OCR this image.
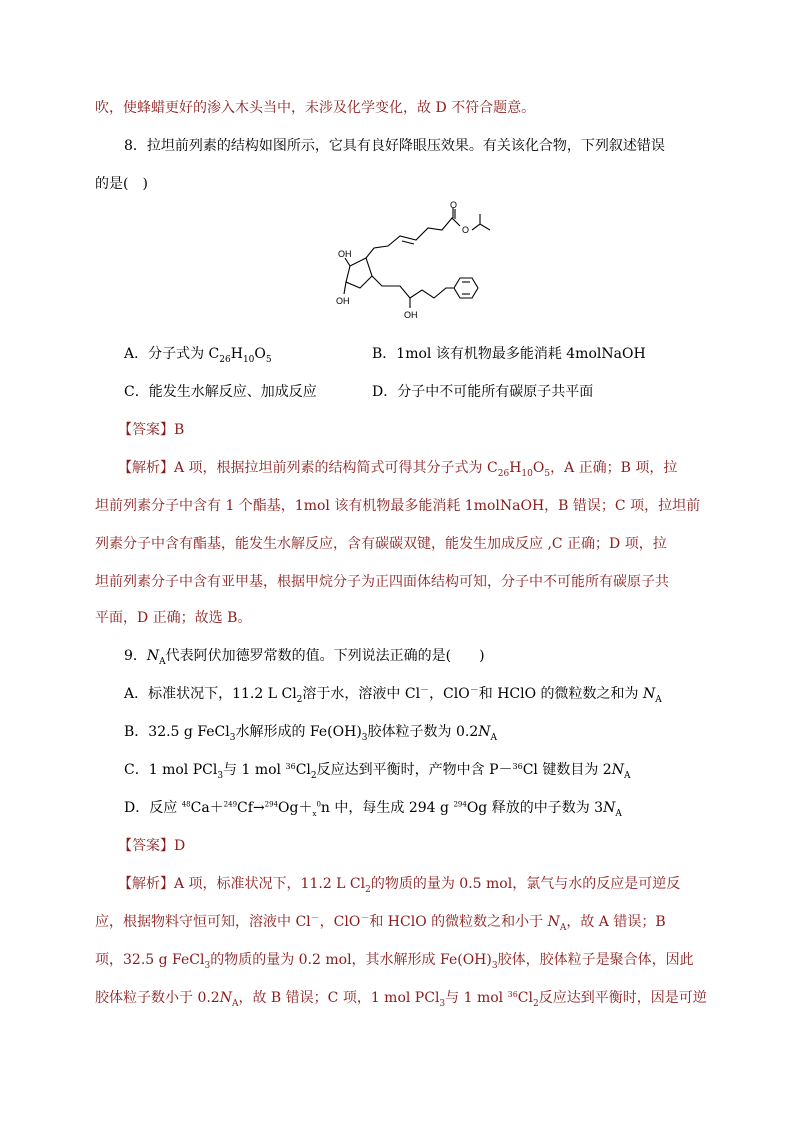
吹，使蜂蜡更好的渗入木头当中，未涉及化学变化，故 D 不符合题意。
8．拉坦前列素的结构如图所示，它具有良好降眼压效果。有关该化合物，下列叙述错误
的是(　)
OH
OH
OH
O
O
A．分子式为 $C_{26}H_{10}O_5$	B．1mol 该有机物最多能消耗 4molNaOH
C．能发生水解反应、加成反应	D．分子中不可能所有碳原子共平面
【答案】B
【解析】A 项，根据拉坦前列素的结构简式可得其分子式为 $C_{26}H_{10}O_5$，A 正确；B 项，拉
坦前列素分子中含有 1 个酯基，1mol 该有机物最多能消耗 1molNaOH，B 错误；C 项，拉坦前
列素分子中含有酯基，能发生水解反应，含有碳碳双键，能发生加成反应 ,C 正确；D 项，拉
坦前列素分子中含有亚甲基，根据甲烷分子为正四面体结构可知，分子中不可能所有碳原子共
平面，D 正确；故选 B。
9．$N_A$代表阿伏加德罗常数的值。下列说法正确的是(　　)
A．标准状况下，11.2 L $Cl_2$溶于水，溶液中 Cl－，ClO－和 HClO 的微粒数之和为 $N_A$
B．32.5 g FeCl$_3$水解形成的 $Fe(OH)_3$胶体粒子数为 $0.2N_A$
C．1 mol PCl$_3$与 1 mol $^{36}Cl_2$反应达到平衡时，产物中含 P－$^{36}$Cl 键数目为 $2N_A$
D．反应 $^{48}Ca+^{249}Cf\to^{294}Og+_x^0n$ 中，每生成 294 g $^{294}$Og 释放的中子数为 $3N_A$
【答案】D
【解析】A 项，标准状况下，11.2 L $Cl_2$的物质的量为 0.5 mol，氯气与水的反应是可逆反
应，根据物料守恒可知，溶液中 Cl－，ClO－和 HClO 的微粒数之和小于 $N_A$，故 A 错误；B
项，32.5 g FeCl$_3$的物质的量为 0.2 mol，其水解形成 $Fe(OH)_3$胶体，胶体粒子是聚合体，因此
胶体粒子数小于 $0.2N_A$，故 B 错误；C 项，1 mol PCl$_3$与 1 mol $^{36}Cl_2$反应达到平衡时，因是可逆
